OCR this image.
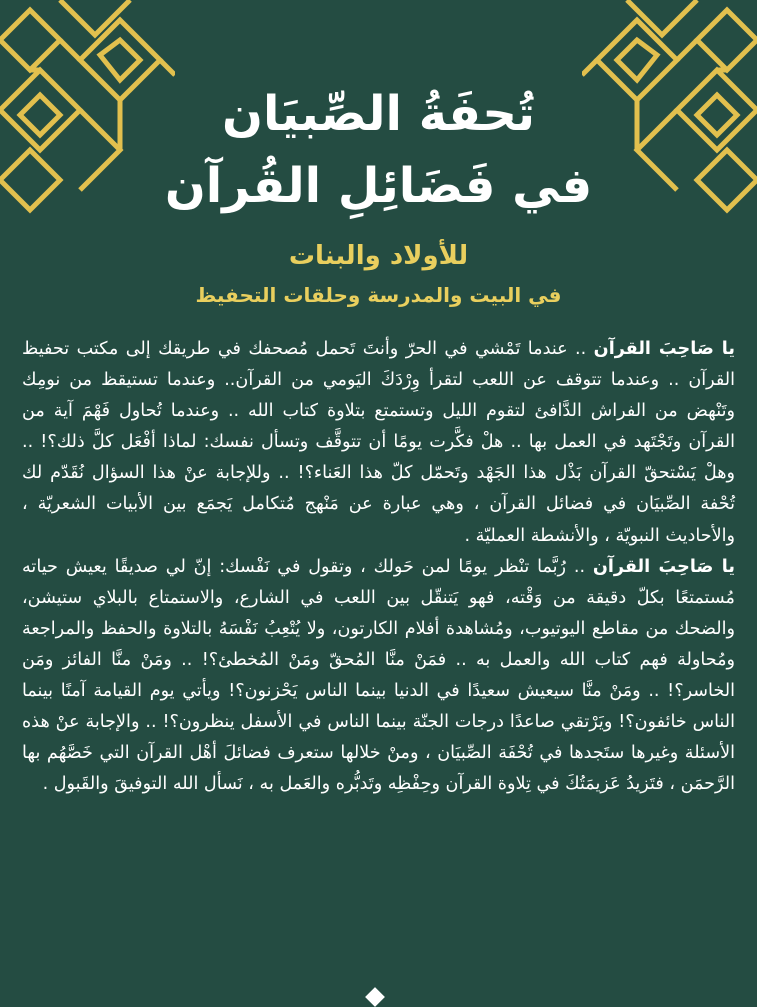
تُحفَةُ الصِّبيَان
في فَضَائِلِ القُرآن
للأولاد والبنات
في البيت والمدرسة وحلقات التحفيظ

يا صَاحِبَ القرآن .. عندما تَمْشي في الحرّ وأنتَ تَحمل مُصحفك في طريقك إلى مكتب تحفيظ القرآن .. وعندما تتوقف عن اللعب لتقرأ وِرْدَكَ اليَومي من القرآن.. وعندما تستيقظ من نومِك وتَنْهض من الفراش الدَّافئ لتقوم الليل وتستمتع بتلاوة كتاب الله .. وعندما تُحاول فَهْمَ آية من القرآن وتَجْتَهد في العمل بها .. هلْ فكَّرت يومًا أن تتوقَّف وتسأل نفسك: لماذا أفْعَل كلَّ ذلك؟! .. وهلْ يَسْتحقّ القرآن بَذْل هذا الجَهْد وتَحمّل كلّ هذا العَناء؟! .. وللإجابة عنْ هذا السؤال نُقَدّم لك تُحْفة الصِّبيَان في فضائل القرآن ، وهي عبارة عن مَنْهج مُتكامل يَجمَع بين الأبيات الشعريّة ، والأحاديث النبويّة ، والأنشطة العمليّة .

يا صَاحِبَ القرآن .. رُبَّما تنْظر يومًا لمن حَولك ، وتقول في نَفْسك: إنّ لي صديقًا يعيش حياته مُستمتعًا بكلّ دقيقة من وَقْته، فهو يَتنقّل بين اللعب في الشارع، والاستمتاع بالبلاي ستيشن، والضحك من مقاطع اليوتيوب، ومُشاهدة أفلام الكارتون، ولا يُتْعِبُ نَفْسَهُ بالتلاوة والحفظ والمراجعة ومُحاولة فهم كتاب الله والعمل به .. فمَنْ منَّا المُحقّ ومَنْ المُخطئ؟! .. ومَنْ منَّا الفائز ومَن الخاسر؟! .. ومَنْ منَّا سيعيش سعيدًا في الدنيا بينما الناس يَحْزنون؟! ويأتي يوم القيامة آمنًا بينما الناس خائفون؟! ويَرْتقي صاعدًا درجات الجنّة بينما الناس في الأسفل ينظرون؟! .. والإجابة عنْ هذه الأسئلة وغيرها ستَجدها في تُحْفَة الصِّبيَان ، ومنْ خلالها ستعرف فضائلَ أهْل القرآن التي خَصَّهُم بها الرَّحمَن ، فتَزيدُ عَزيمَتُكَ في تِلاوة القرآن وحِفْظِه وتَدبُّره والعَمل به ، نَسأل الله التوفيقَ والقَبول .
